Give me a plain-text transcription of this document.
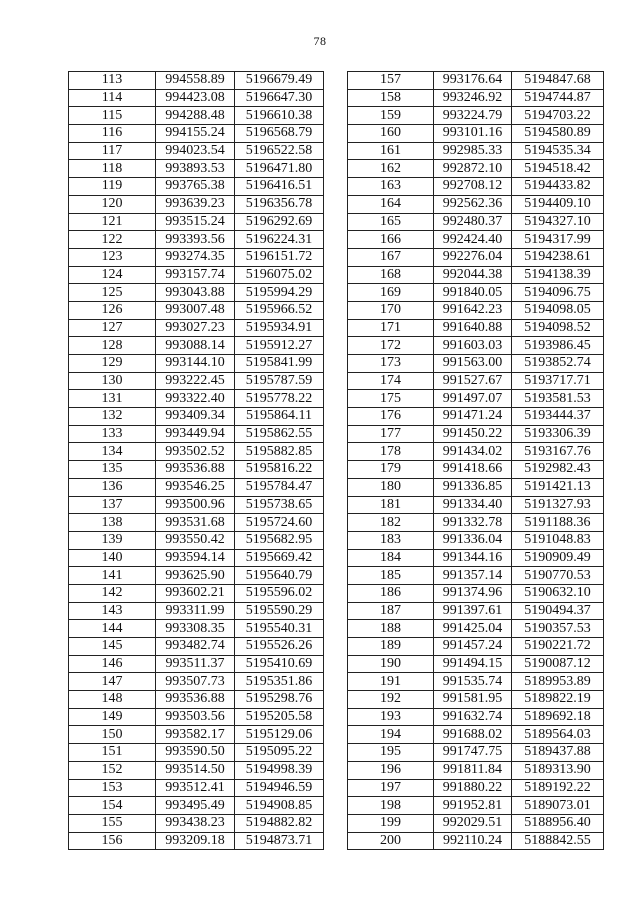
78
113	994558.89	5196679.49
114	994423.08	5196647.30
115	994288.48	5196610.38
116	994155.24	5196568.79
117	994023.54	5196522.58
118	993893.53	5196471.80
119	993765.38	5196416.51
120	993639.23	5196356.78
121	993515.24	5196292.69
122	993393.56	5196224.31
123	993274.35	5196151.72
124	993157.74	5196075.02
125	993043.88	5195994.29
126	993007.48	5195966.52
127	993027.23	5195934.91
128	993088.14	5195912.27
129	993144.10	5195841.99
130	993222.45	5195787.59
131	993322.40	5195778.22
132	993409.34	5195864.11
133	993449.94	5195862.55
134	993502.52	5195882.85
135	993536.88	5195816.22
136	993546.25	5195784.47
137	993500.96	5195738.65
138	993531.68	5195724.60
139	993550.42	5195682.95
140	993594.14	5195669.42
141	993625.90	5195640.79
142	993602.21	5195596.02
143	993311.99	5195590.29
144	993308.35	5195540.31
145	993482.74	5195526.26
146	993511.37	5195410.69
147	993507.73	5195351.86
148	993536.88	5195298.76
149	993503.56	5195205.58
150	993582.17	5195129.06
151	993590.50	5195095.22
152	993514.50	5194998.39
153	993512.41	5194946.59
154	993495.49	5194908.85
155	993438.23	5194882.82
156	993209.18	5194873.71
157	993176.64	5194847.68
158	993246.92	5194744.87
159	993224.79	5194703.22
160	993101.16	5194580.89
161	992985.33	5194535.34
162	992872.10	5194518.42
163	992708.12	5194433.82
164	992562.36	5194409.10
165	992480.37	5194327.10
166	992424.40	5194317.99
167	992276.04	5194238.61
168	992044.38	5194138.39
169	991840.05	5194096.75
170	991642.23	5194098.05
171	991640.88	5194098.52
172	991603.03	5193986.45
173	991563.00	5193852.74
174	991527.67	5193717.71
175	991497.07	5193581.53
176	991471.24	5193444.37
177	991450.22	5193306.39
178	991434.02	5193167.76
179	991418.66	5192982.43
180	991336.85	5191421.13
181	991334.40	5191327.93
182	991332.78	5191188.36
183	991336.04	5191048.83
184	991344.16	5190909.49
185	991357.14	5190770.53
186	991374.96	5190632.10
187	991397.61	5190494.37
188	991425.04	5190357.53
189	991457.24	5190221.72
190	991494.15	5190087.12
191	991535.74	5189953.89
192	991581.95	5189822.19
193	991632.74	5189692.18
194	991688.02	5189564.03
195	991747.75	5189437.88
196	991811.84	5189313.90
197	991880.22	5189192.22
198	991952.81	5189073.01
199	992029.51	5188956.40
200	992110.24	5188842.55
